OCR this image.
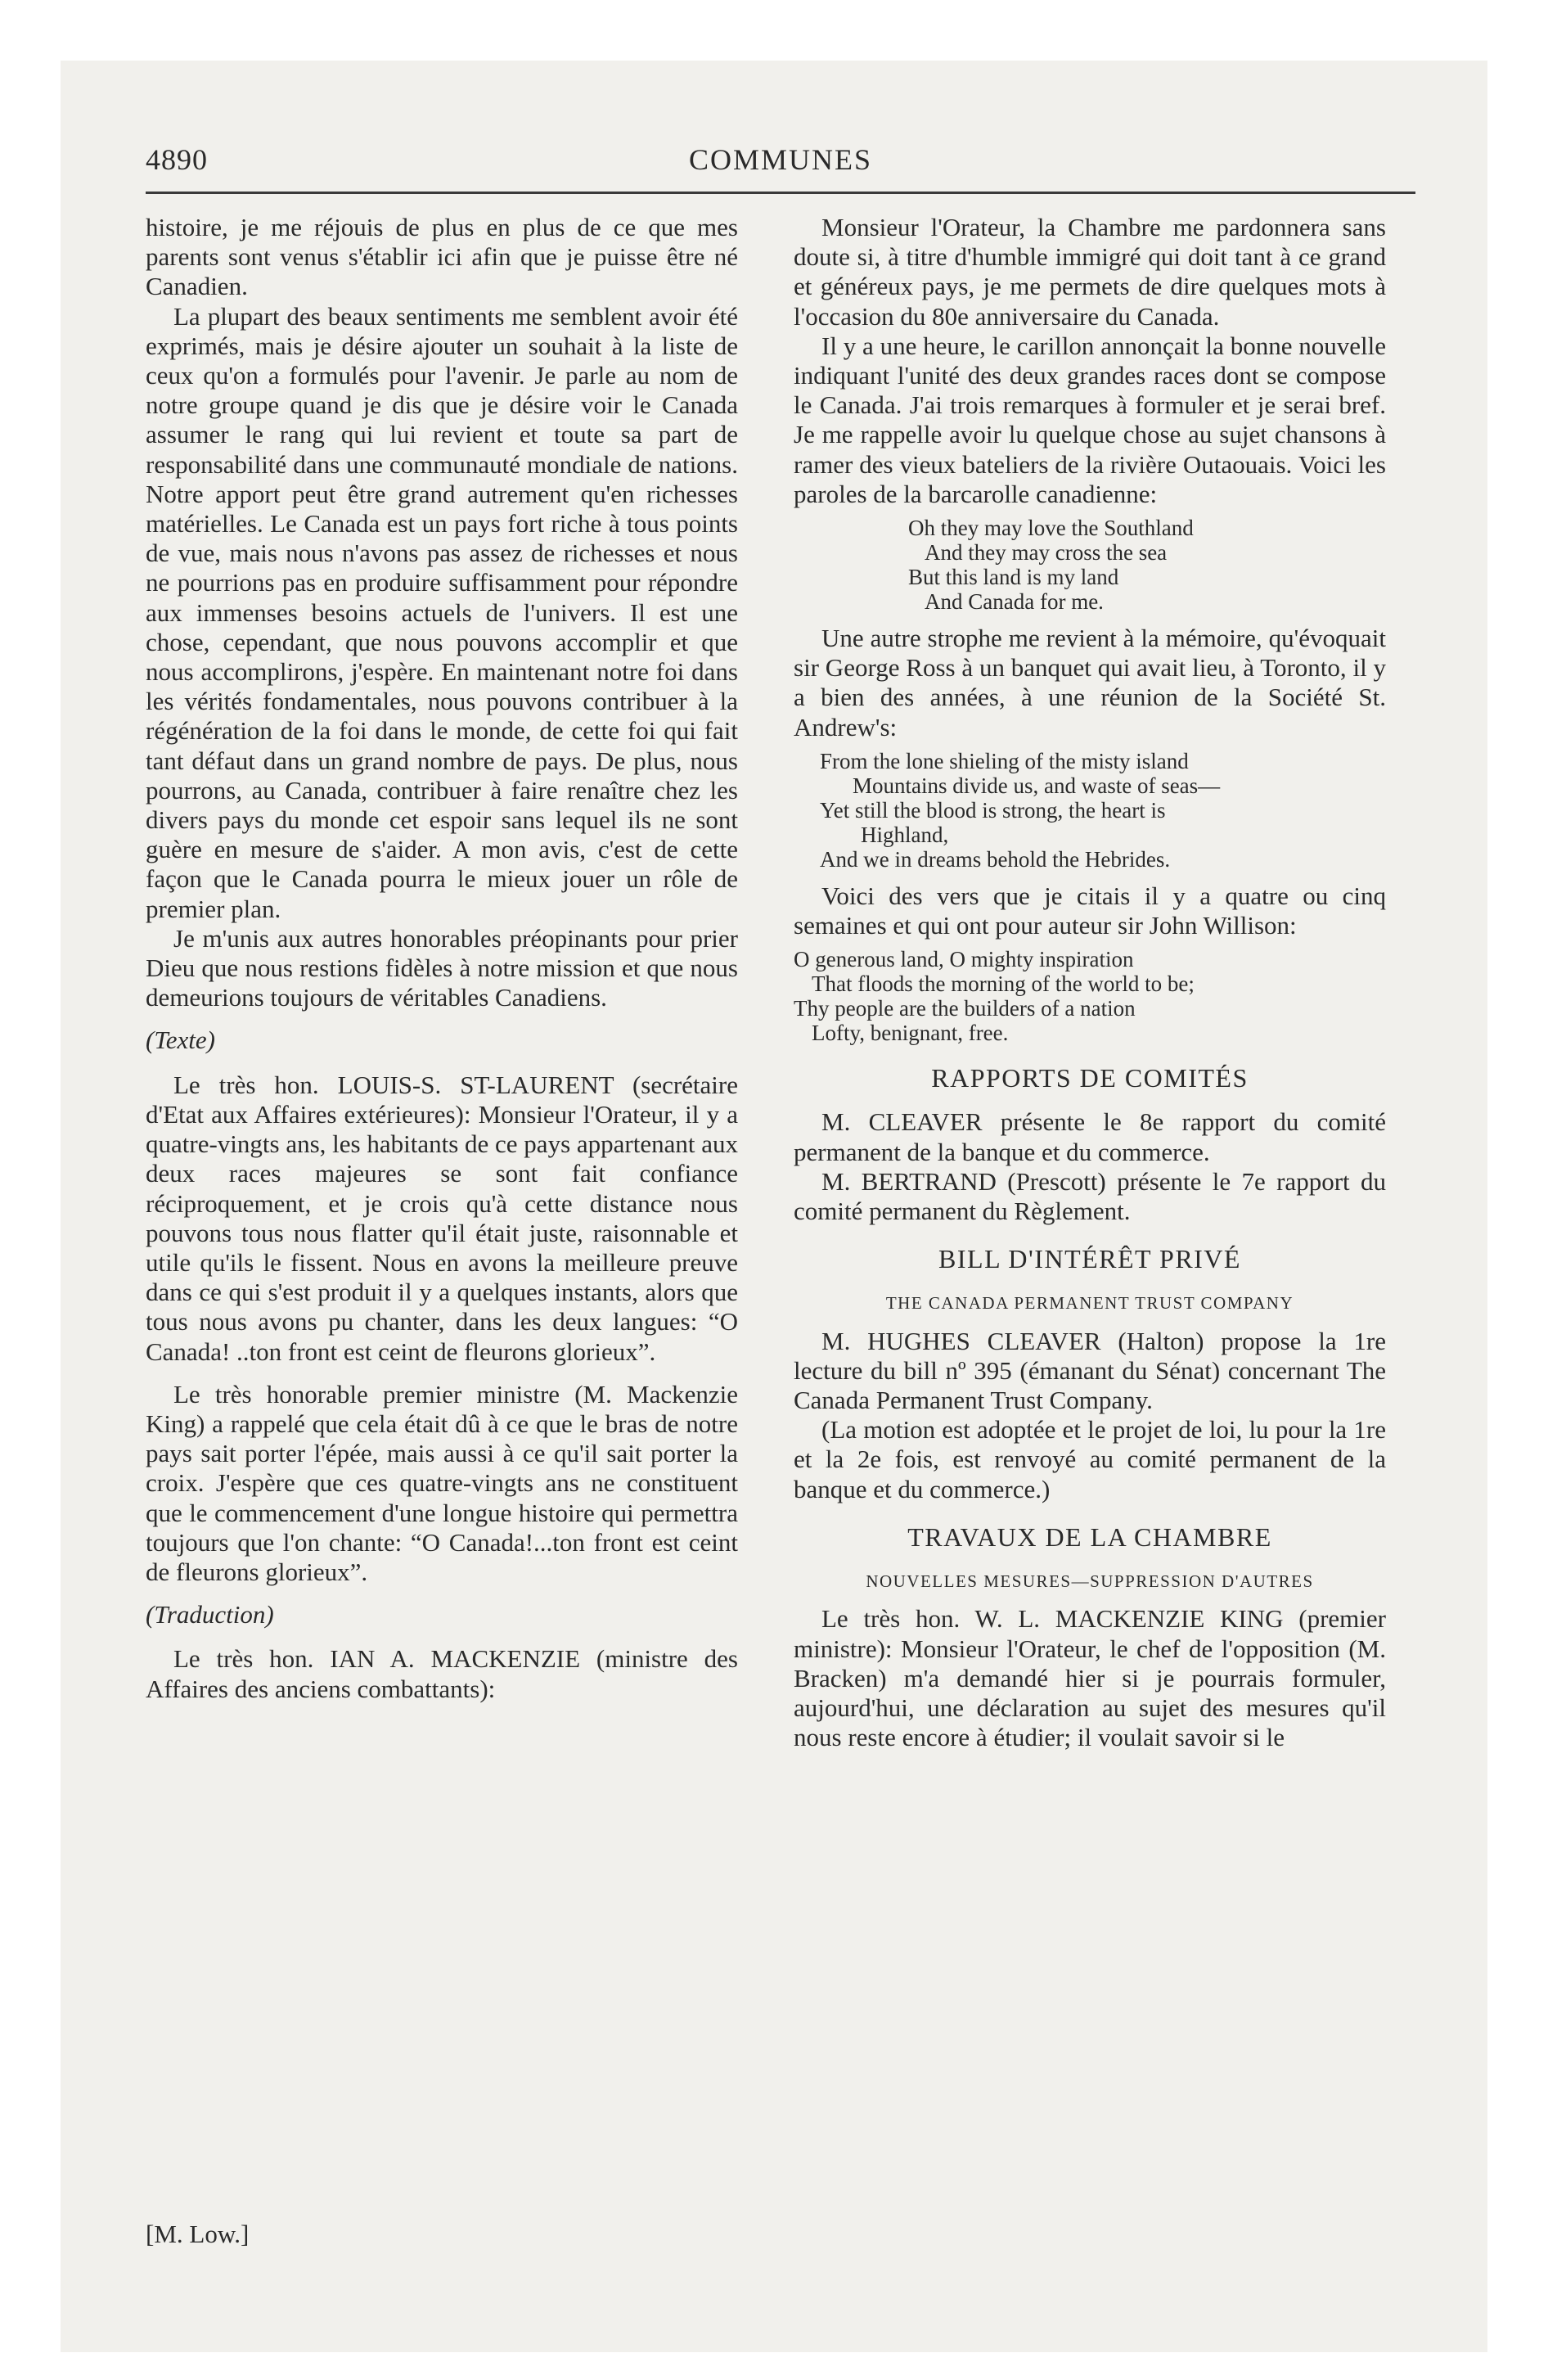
4890	COMMUNES

histoire, je me réjouis de plus en plus de ce que mes parents sont venus s'établir ici afin que je puisse être né Canadien.

La plupart des beaux sentiments me semblent avoir été exprimés, mais je désire ajouter un souhait à la liste de ceux qu'on a formulés pour l'avenir. Je parle au nom de notre groupe quand je dis que je désire voir le Canada assumer le rang qui lui revient et toute sa part de responsabilité dans une communauté mondiale de nations. Notre apport peut être grand autrement qu'en richesses matérielles. Le Canada est un pays fort riche à tous points de vue, mais nous n'avons pas assez de richesses et nous ne pourrions pas en produire suffisamment pour répondre aux immenses besoins actuels de l'univers. Il est une chose, cependant, que nous pouvons accomplir et que nous accomplirons, j'espère. En maintenant notre foi dans les vérités fondamentales, nous pouvons contribuer à la régénération de la foi dans le monde, de cette foi qui fait tant défaut dans un grand nombre de pays. De plus, nous pourrons, au Canada, contribuer à faire renaître chez les divers pays du monde cet espoir sans lequel ils ne sont guère en mesure de s'aider. A mon avis, c'est de cette façon que le Canada pourra le mieux jouer un rôle de premier plan.

Je m'unis aux autres honorables préopinants pour prier Dieu que nous restions fidèles à notre mission et que nous demeurions toujours de véritables Canadiens.

(Texte)

Le très hon. LOUIS-S. ST-LAURENT (secrétaire d'Etat aux Affaires extérieures): Monsieur l'Orateur, il y a quatre-vingts ans, les habitants de ce pays appartenant aux deux races majeures se sont fait confiance réciproquement, et je crois qu'à cette distance nous pouvons tous nous flatter qu'il était juste, raisonnable et utile qu'ils le fissent. Nous en avons la meilleure preuve dans ce qui s'est produit il y a quelques instants, alors que tous nous avons pu chanter, dans les deux langues: “O Canada! ..ton front est ceint de fleurons glorieux”.

Le très honorable premier ministre (M. Mackenzie King) a rappelé que cela était dû à ce que le bras de notre pays sait porter l'épée, mais aussi à ce qu'il sait porter la croix. J'espère que ces quatre-vingts ans ne constituent que le commencement d'une longue histoire qui permettra toujours que l'on chante: “O Canada!...ton front est ceint de fleurons glorieux”.

(Traduction)

Le très hon. IAN A. MACKENZIE (ministre des Affaires des anciens combattants):

[M. Low.]

Monsieur l'Orateur, la Chambre me pardonnera sans doute si, à titre d'humble immigré qui doit tant à ce grand et généreux pays, je me permets de dire quelques mots à l'occasion du 80e anniversaire du Canada.

Il y a une heure, le carillon annonçait la bonne nouvelle indiquant l'unité des deux grandes races dont se compose le Canada. J'ai trois remarques à formuler et je serai bref. Je me rappelle avoir lu quelque chose au sujet chansons à ramer des vieux bateliers de la rivière Outaouais. Voici les paroles de la barcarolle canadienne:

Oh they may love the Southland
And they may cross the sea
But this land is my land
And Canada for me.

Une autre strophe me revient à la mémoire, qu'évoquait sir George Ross à un banquet qui avait lieu, à Toronto, il y a bien des années, à une réunion de la Société St. Andrew's:

From the lone shieling of the misty island
Mountains divide us, and waste of seas—
Yet still the blood is strong, the heart is
Highland,
And we in dreams behold the Hebrides.

Voici des vers que je citais il y a quatre ou cinq semaines et qui ont pour auteur sir John Willison:

O generous land, O mighty inspiration
That floods the morning of the world to be;
Thy people are the builders of a nation
Lofty, benignant, free.
RAPPORTS DE COMITÉS

M. CLEAVER présente le 8e rapport du comité permanent de la banque et du commerce.

M. BERTRAND (Prescott) présente le 7e rapport du comité permanent du Règlement.

BILL D'INTÉRÊT PRIVÉ
THE CANADA PERMANENT TRUST COMPANY

M. HUGHES CLEAVER (Halton) propose la 1re lecture du bill nº 395 (émanant du Sénat) concernant The Canada Permanent Trust Company.

(La motion est adoptée et le projet de loi, lu pour la 1re et la 2e fois, est renvoyé au comité permanent de la banque et du commerce.)

TRAVAUX DE LA CHAMBRE
NOUVELLES MESURES—SUPPRESSION D'AUTRES

Le très hon. W. L. MACKENZIE KING (premier ministre): Monsieur l'Orateur, le chef de l'opposition (M. Bracken) m'a demandé hier si je pourrais formuler, aujourd'hui, une déclaration au sujet des mesures qu'il nous reste encore à étudier; il voulait savoir si le
